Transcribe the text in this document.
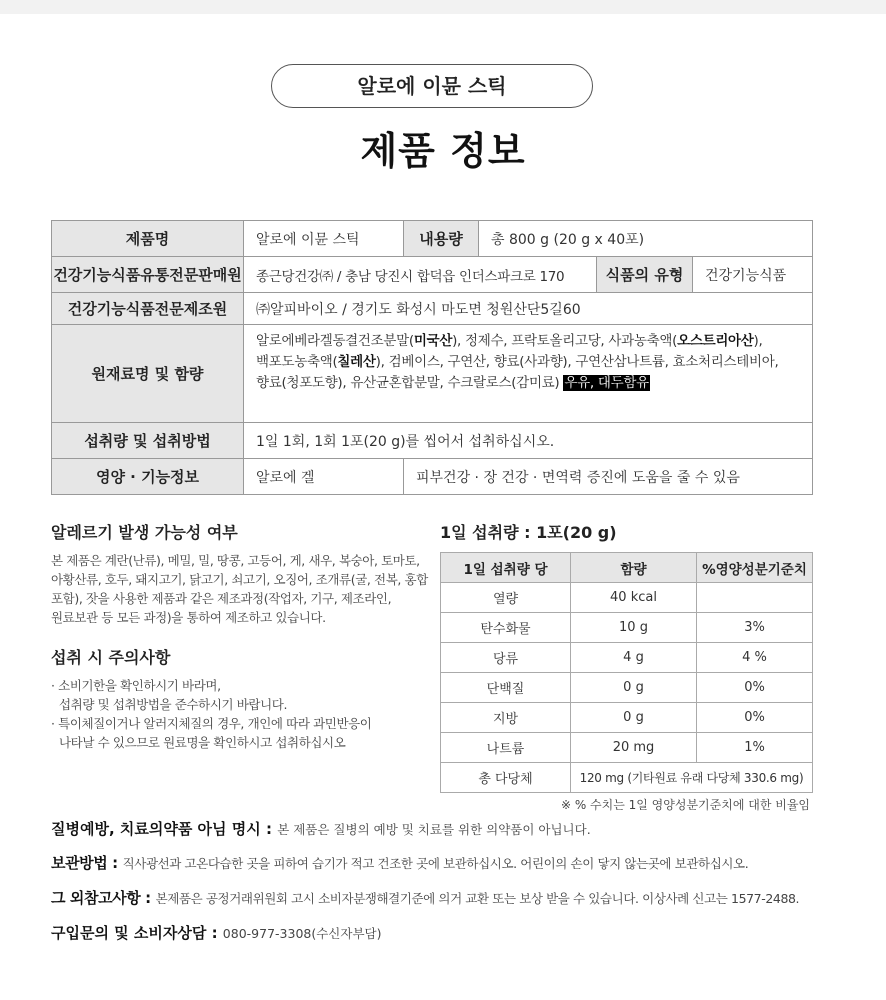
알로에 이뮨 스틱
제품 정보
제품명	알로에 이뮨 스틱	내용량	총 800 g (20 g x 40포)		
건강기능식품유통전문판매원	종근당건강㈜ / 충남 당진시 합덕읍 인더스파크로 170			식품의 유형	건강기능식품
건강기능식품전문제조원	㈜알피바이오 / 경기도 화성시 마도면 청원산단5길60				
원재료명 및 함량	알로에베라겔동결건조분말(미국산), 정제수, 프락토올리고당, 사과농축액(오스트리아산),
백포도농축액(칠레산), 검베이스, 구연산, 향료(사과향), 구연산삼나트륨, 효소처리스테비아,
향료(청포도향), 유산균혼합분말, 수크랄로스(감미료) 우유, 대두함유				

섭취량 및 섭취방법	1일 1회, 1회 1포(20 g)를 씹어서 섭취하십시오.				
영양 · 기능정보	알로에 겔	피부건강 · 장 건강 · 면역력 증진에 도움을 줄 수 있음			
알레르기 발생 가능성 여부

본 제품은 계란(난류), 메밀, 밀, 땅콩, 고등어, 게, 새우, 복숭아, 토마토,
아황산류, 호두, 돼지고기, 닭고기, 쇠고기, 오징어, 조개류(굴, 전복, 홍합
포함), 잣을 사용한 제품과 같은 제조과정(작업자, 기구, 제조라인,
원료보관 등 모든 과정)을 통하여 제조하고 있습니다.

섭취 시 주의사항
· 소비기한을 확인하시기 바라며,
섭취량 및 섭취방법을 준수하시기 바랍니다.
· 특이체질이거나 알러지체질의 경우, 개인에 따라 과민반응이
나타날 수 있으므로 원료명을 확인하시고 섭취하십시오
1일 섭취량 : 1포(20 g)
1일 섭취량 당	함량	%영양성분기준치
열량	40 kcal	
탄수화물	10 g	3%
당류	4 g	4 %
단백질	0 g	0%
지방	0 g	0%
나트륨	20 mg	1%
총 다당체	120 mg (기타원료 유래 다당체 330.6 mg)	
※ % 수치는 1일 영양성분기준치에 대한 비율임
질병예방, 치료의약품 아님 명시 : 본 제품은 질병의 예방 및 치료를 위한 의약품이 아닙니다.
보관방법 : 직사광선과 고온다습한 곳을 피하여 습기가 적고 건조한 곳에 보관하십시오. 어린이의 손이 닿지 않는곳에 보관하십시오.
그 외참고사항 : 본제품은 공정거래위원회 고시 소비자분쟁해결기준에 의거 교환 또는 보상 받을 수 있습니다. 이상사례 신고는 1577-2488.
구입문의 및 소비자상담 : 080-977-3308(수신자부담)
